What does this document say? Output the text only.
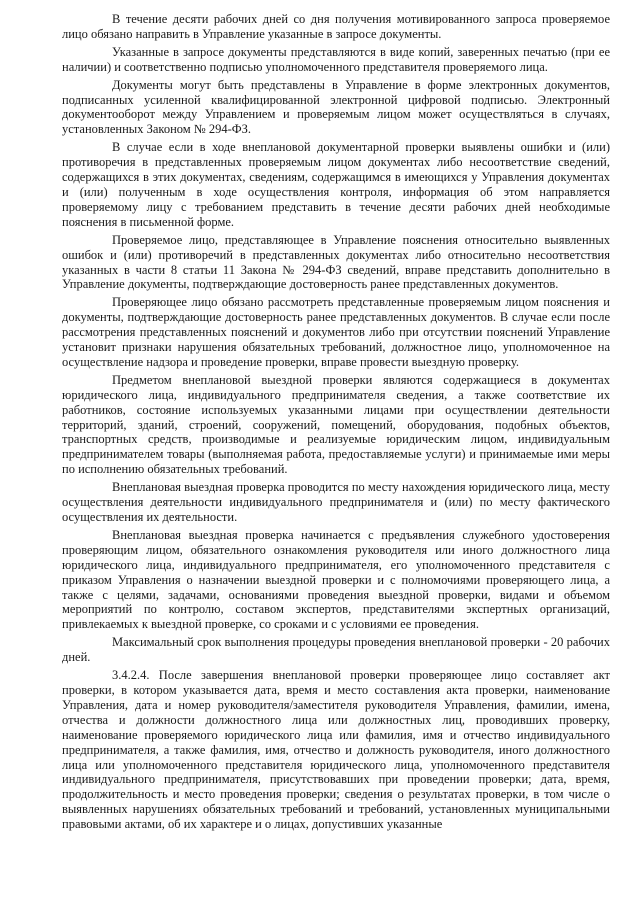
В течение десяти рабочих дней со дня получения мотивированного запроса проверяемое лицо обязано направить в Управление указанные в запросе документы.

Указанные в запросе документы представляются в виде копий, заверенных печатью (при ее наличии) и соответственно подписью уполномоченного представителя проверяемого лица.

Документы могут быть представлены в Управление в форме электронных документов, подписанных усиленной квалифицированной электронной цифровой подписью. Электронный документооборот между Управлением и проверяемым лицом может осуществляться в случаях, установленных Законом № 294-ФЗ.

В случае если в ходе внеплановой документарной проверки выявлены ошибки и (или) противоречия в представленных проверяемым лицом документах либо несоответствие сведений, содержащихся в этих документах, сведениям, содержащимся в имеющихся у Управления документах и (или) полученным в ходе осуществления контроля, информация об этом направляется проверяемому лицу с требованием представить в течение десяти рабочих дней необходимые пояснения в письменной форме.

Проверяемое лицо, представляющее в Управление пояснения относительно выявленных ошибок и (или) противоречий в представленных документах либо относительно несоответствия указанных в части 8 статьи 11 Закона № 294-ФЗ сведений, вправе представить дополнительно в Управление документы, подтверждающие достоверность ранее представленных документов.

Проверяющее лицо обязано рассмотреть представленные проверяемым лицом пояснения и документы, подтверждающие достоверность ранее представленных документов. В случае если после рассмотрения представленных пояснений и документов либо при отсутствии пояснений Управление установит признаки нарушения обязательных требований, должностное лицо, уполномоченное на осуществление надзора и проведение проверки, вправе провести выездную проверку.

Предметом внеплановой выездной проверки являются содержащиеся в документах юридического лица, индивидуального предпринимателя сведения, а также соответствие их работников, состояние используемых указанными лицами при осуществлении деятельности территорий, зданий, строений, сооружений, помещений, оборудования, подобных объектов, транспортных средств, производимые и реализуемые юридическим лицом, индивидуальным предпринимателем товары (выполняемая работа, предоставляемые услуги) и принимаемые ими меры по исполнению обязательных требований.

Внеплановая выездная проверка проводится по месту нахождения юридического лица, месту осуществления деятельности индивидуального предпринимателя и (или) по месту фактического осуществления их деятельности.

Внеплановая выездная проверка начинается с предъявления служебного удостоверения проверяющим лицом, обязательного ознакомления руководителя или иного должностного лица юридического лица, индивидуального предпринимателя, его уполномоченного представителя с приказом Управления о назначении выездной проверки и с полномочиями проверяющего лица, а также с целями, задачами, основаниями проведения выездной проверки, видами и объемом мероприятий по контролю, составом экспертов, представителями экспертных организаций, привлекаемых к выездной проверке, со сроками и с условиями ее проведения.

Максимальный срок выполнения процедуры проведения внеплановой проверки - 20 рабочих дней.

3.4.2.4. После завершения внеплановой проверки проверяющее лицо составляет акт проверки, в котором указывается дата, время и место составления акта проверки, наименование Управления, дата и номер руководителя/заместителя руководителя Управления, фамилии, имена, отчества и должности должностного лица или должностных лиц, проводивших проверку, наименование проверяемого юридического лица или фамилия, имя и отчество индивидуального предпринимателя, а также фамилия, имя, отчество и должность руководителя, иного должностного лица или уполномоченного представителя юридического лица, уполномоченного представителя индивидуального предпринимателя, присутствовавших при проведении проверки; дата, время, продолжительность и место проведения проверки; сведения о результатах проверки, в том числе о выявленных нарушениях обязательных требований и требований, установленных муниципальными правовыми актами, об их характере и о лицах, допустивших указанные
